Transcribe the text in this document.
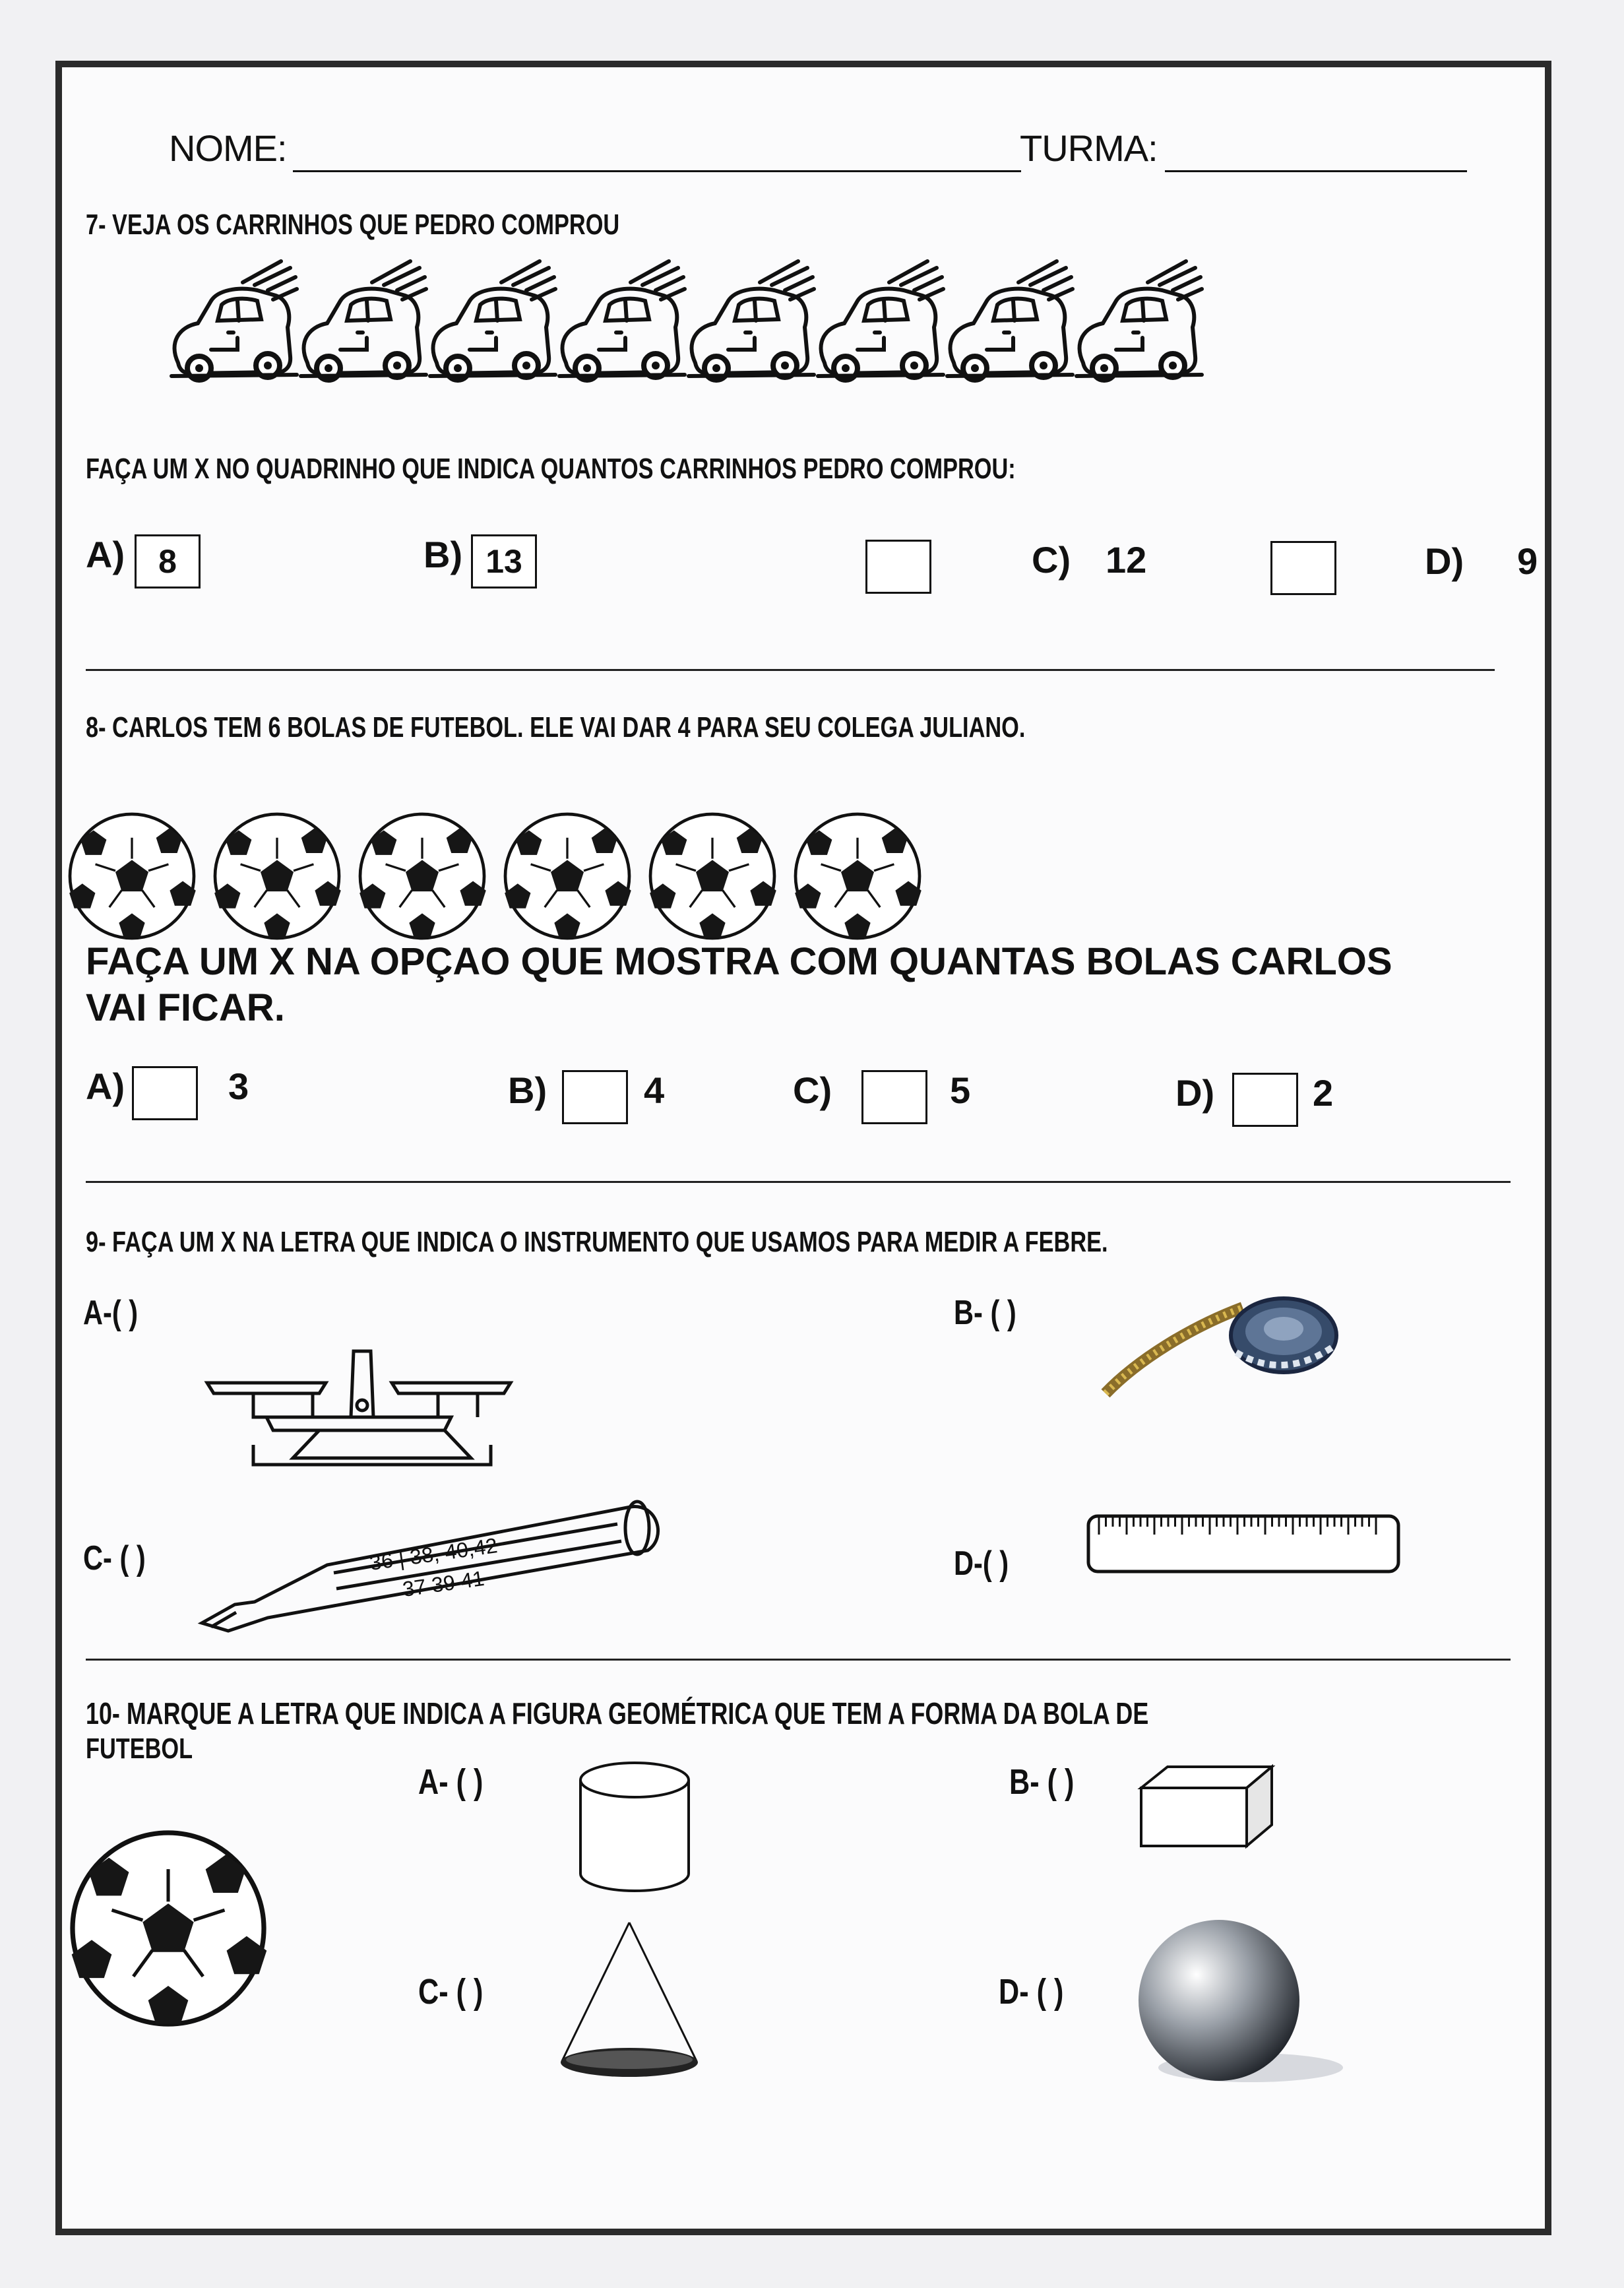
NOME:	TURMA:
7- VEJA OS CARRINHOS QUE PEDRO COMPROU
FAÇA UM X NO QUADRINHO QUE INDICA QUANTOS CARRINHOS PEDRO COMPROU:
A)	8	B) 13	C) 12	D) 9
8- CARLOS TEM 6 BOLAS DE FUTEBOL. ELE VAI DAR 4 PARA SEU COLEGA JULIANO.
FAÇA UM X NA OPÇAO QUE MOSTRA COM QUANTAS BOLAS CARLOS
VAI FICAR.
A)	3	B)	4	C)	5	D)	2
9- FAÇA UM X NA LETRA QUE INDICA O INSTRUMENTO QUE USAMOS PARA MEDIR A FEBRE.
A-( )	B- ( )
C- ( )	D-( )
36 | 38, 40,42
37 39 41
10- MARQUE A LETRA QUE INDICA A FIGURA GEOMÉTRICA QUE TEM A FORMA DA BOLA DE
FUTEBOL
A- ( )	B- ( )
C- ( )	D- ( )
